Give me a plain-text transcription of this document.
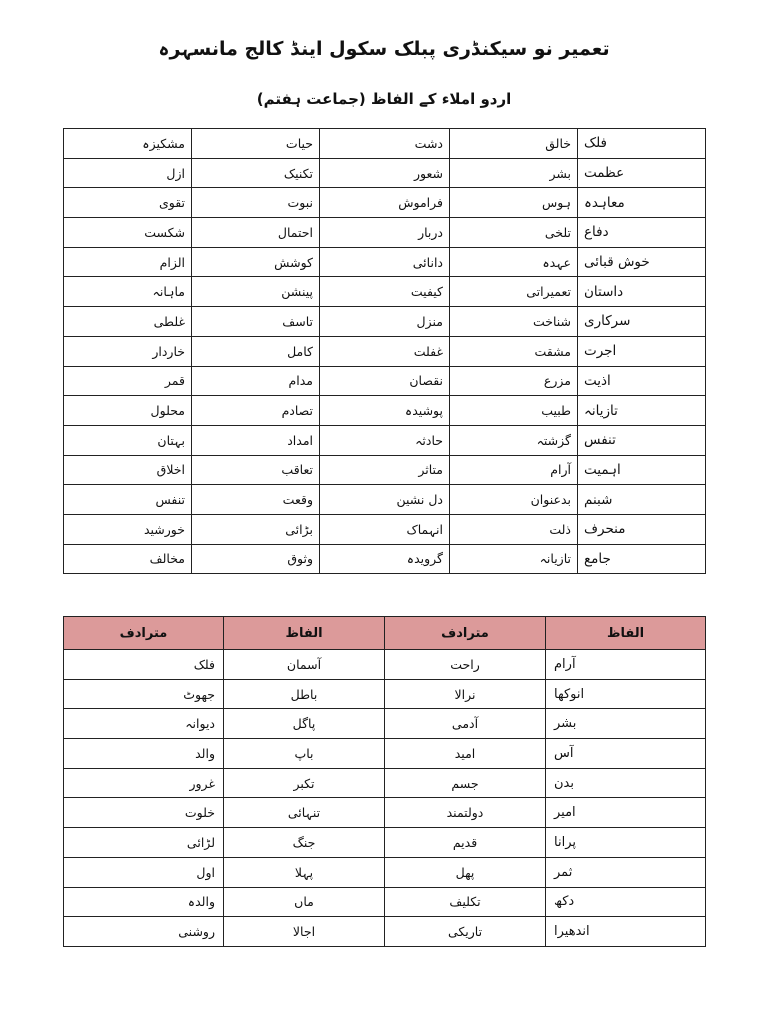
تعمیر نو سیکنڈری پبلک سکول اینڈ کالج مانسہرہ
اردو املاء کے الفاظ (جماعت ہفتم)
فلک	خالق	دشت	حیات	مشکیزہ
عظمت	بشر	شعور	تکنیک	ازل
معاہدہ	ہوس	فراموش	نبوت	تقوی
دفاع	تلخی	دربار	احتمال	شکست
خوش قبائی	عہدہ	دانائی	کوشش	الزام
داستان	تعمیراتی	کیفیت	پینشن	ماہانہ
سرکاری	شناخت	منزل	تاسف	غلطی
اجرت	مشقت	غفلت	کامل	خاردار
اذیت	مزرع	نقصان	مدام	قمر
تازیانہ	طبیب	پوشیدہ	تصادم	محلول
تنفس	گزشتہ	حادثہ	امداد	بہتان
اہمیت	آرام	متاثر	تعاقب	اخلاق
شبنم	بدعنوان	دل نشین	وقعت	تنفس
منحرف	ذلت	انہماک	بڑائی	خورشید
جامع	تازیانہ	گرویدہ	وثوق	مخالف
الفاظ	مترادف	الفاظ	مترادف
آرام	راحت	آسمان	فلک
انوکھا	نرالا	باطل	جھوٹ
بشر	آدمی	پاگل	دیوانہ
آس	امید	باپ	والد
بدن	جسم	تکبر	غرور
امیر	دولتمند	تنہائی	خلوت
پرانا	قدیم	جنگ	لڑائی
ثمر	پھل	پہلا	اول
دکھ	تکلیف	ماں	والدہ
اندھیرا	تاریکی	اجالا	روشنی
